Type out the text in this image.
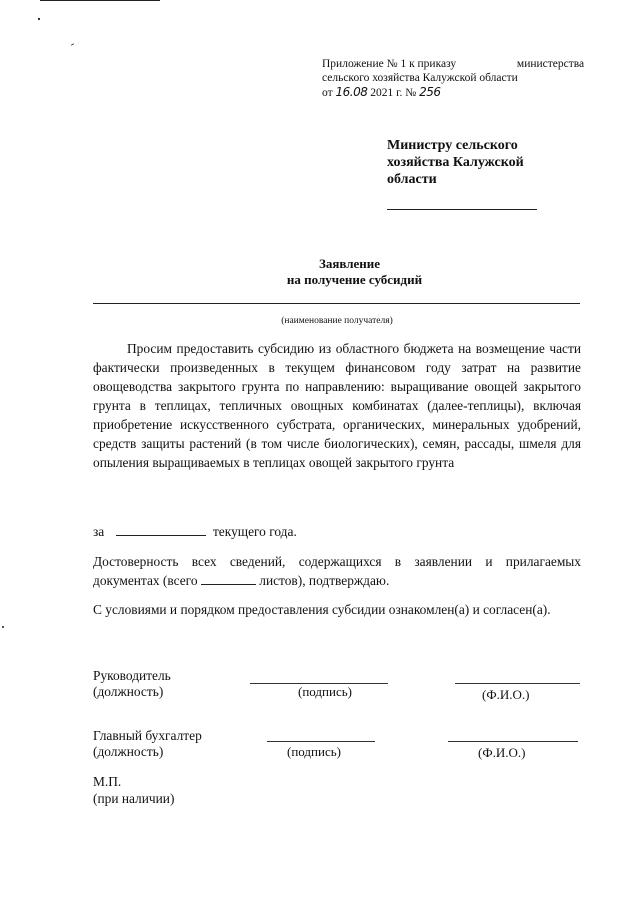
Приложение № 1 к приказу	министерства
сельского хозяйства Калужской области
от 16.08 2021 г. № 256
Министру сельского
хозяйства Калужской
области
Заявление
на получение субсидий
(наименование получателя)
Просим предоставить субсидию из областного бюджета на возмещение части фактически произведенных в текущем финансовом году затрат на развитие овощеводства закрытого грунта по направлению: выращивание овощей закрытого грунта в теплицах, тепличных овощных комбинатах (далее-теплицы), включая приобретение искусственного субстрата, органических, минеральных удобрений, средств защиты растений (в том числе биологических), семян, рассады, шмеля для опыления выращиваемых в теплицах овощей закрытого грунта
за	текущего года.
Достоверность всех сведений, содержащихся в заявлении и прилагаемых документах (всего	листов), подтверждаю.
С условиями и порядком предоставления субсидии ознакомлен(а) и согласен(а).
Руководитель
(должность)	(подпись)	(Ф.И.О.)
Главный бухгалтер
(должность)	(подпись)	(Ф.И.О.)
М.П.
(при наличии)
